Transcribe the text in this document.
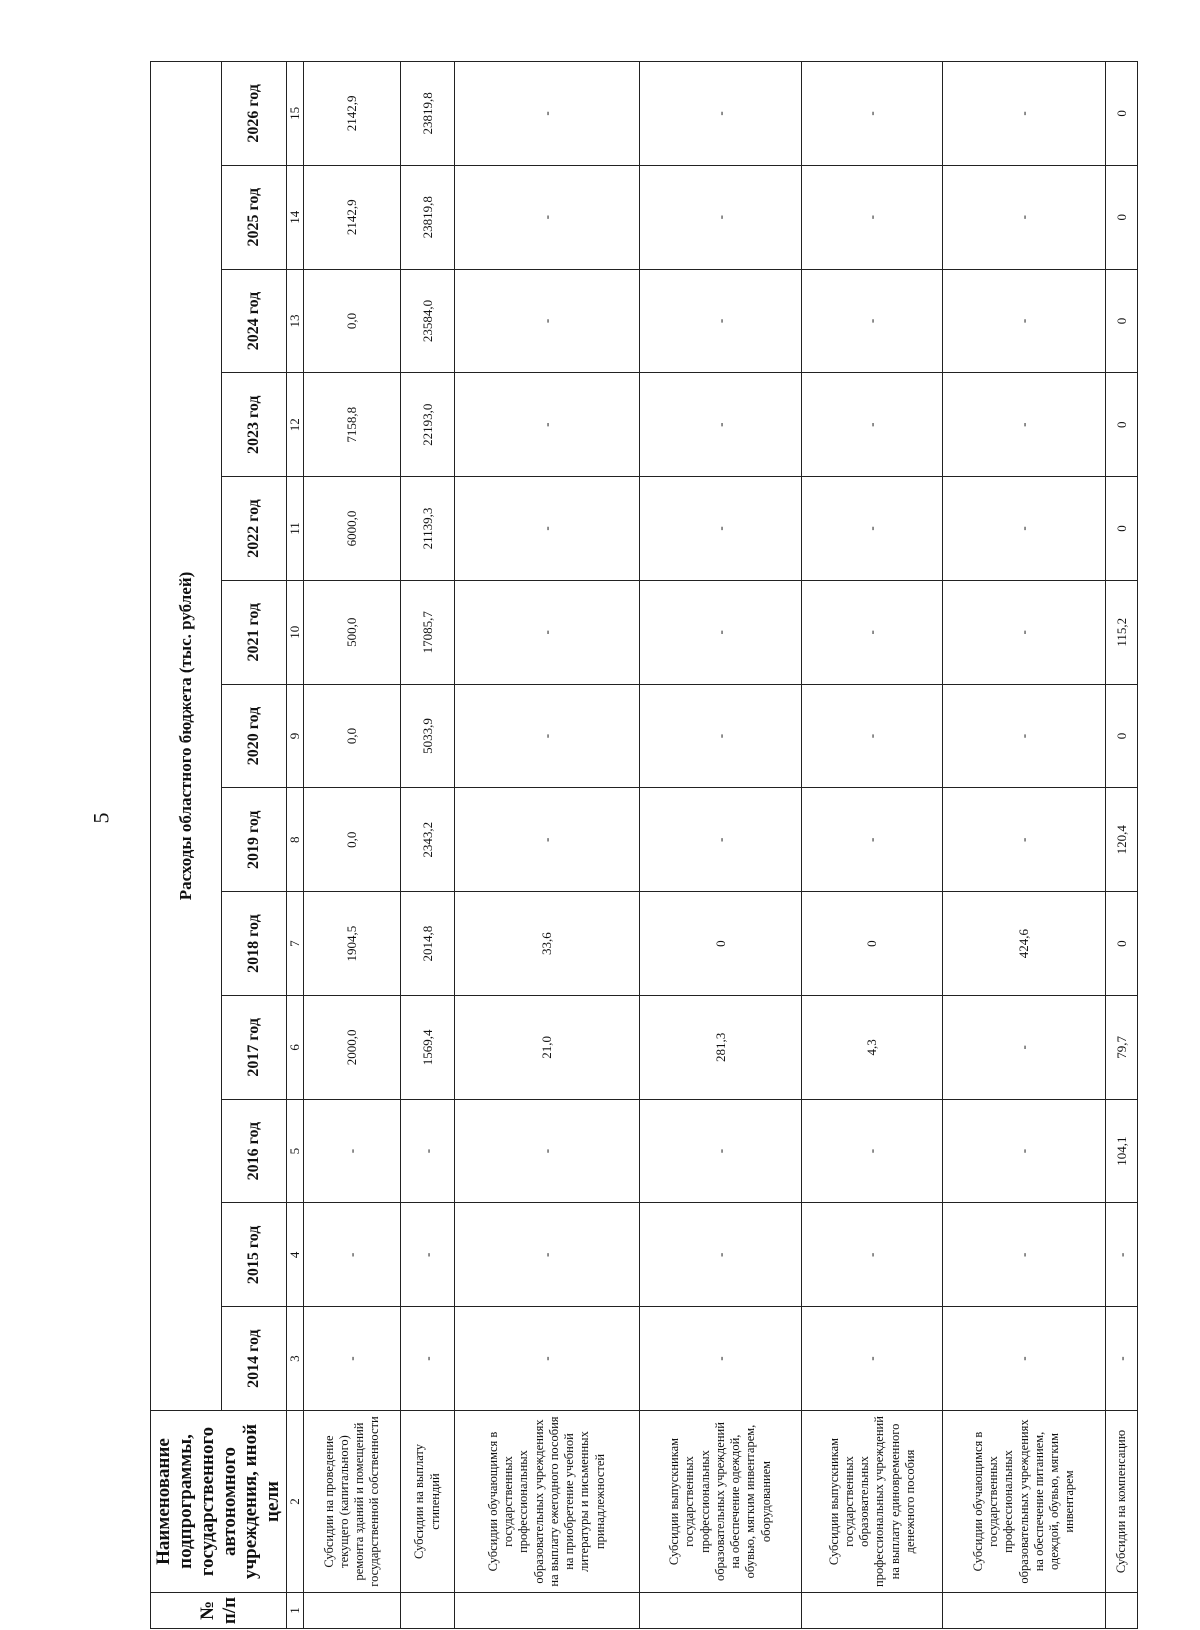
5
№
п/п	Наименование подпрограммы, государственного автономного учреждения, иной цели	Расходы областного бюджета (тыс. рублей)												
		2014 год	2015 год	2016 год	2017 год	2018 год	2019 год	2020 год	2021 год	2022 год	2023 год	2024 год	2025 год	2026 год
1	2	3	4	5	6	7	8	9	10	11	12	13	14	15
	Субсидии на проведение текущего (капитального) ремонта зданий и помещений государственной собственности	-	-	-	2000,0	1904,5	0,0	0,0	500,0	6000,0	7158,8	0,0	2142,9	2142,9
	Субсидии на выплату стипендий	-	-	-	1569,4	2014,8	2343,2	5033,9	17085,7	21139,3	22193,0	23584,0	23819,8	23819,8
	Субсидии обучающимся в государственных профессиональных образовательных учреждениях на выплату ежегодного пособия на приобретение учебной литературы и письменных принадлежностей	-	-	-	21,0	33,6	-	-	-	-	-	-	-	-
	Субсидии выпускникам государственных профессиональных образовательных учреждений на обеспечение одеждой, обувью, мягким инвентарем, оборудованием	-	-	-	281,3	0	-	-	-	-	-	-	-	-
	Субсидии выпускникам государственных образовательных профессиональных учреждений на выплату единовременного денежного пособия	-	-	-	4,3	0	-	-	-	-	-	-	-	-
	Субсидии обучающимся в государственных профессиональных образовательных учреждениях на обеспечение питанием, одеждой, обувью, мягким инвентарем	-	-	-	-	424,6	-	-	-	-	-	-	-	-
	Субсидии на компенсацию	-	-	104,1	79,7	0	120,4	0	115,2	0	0	0	0	0
